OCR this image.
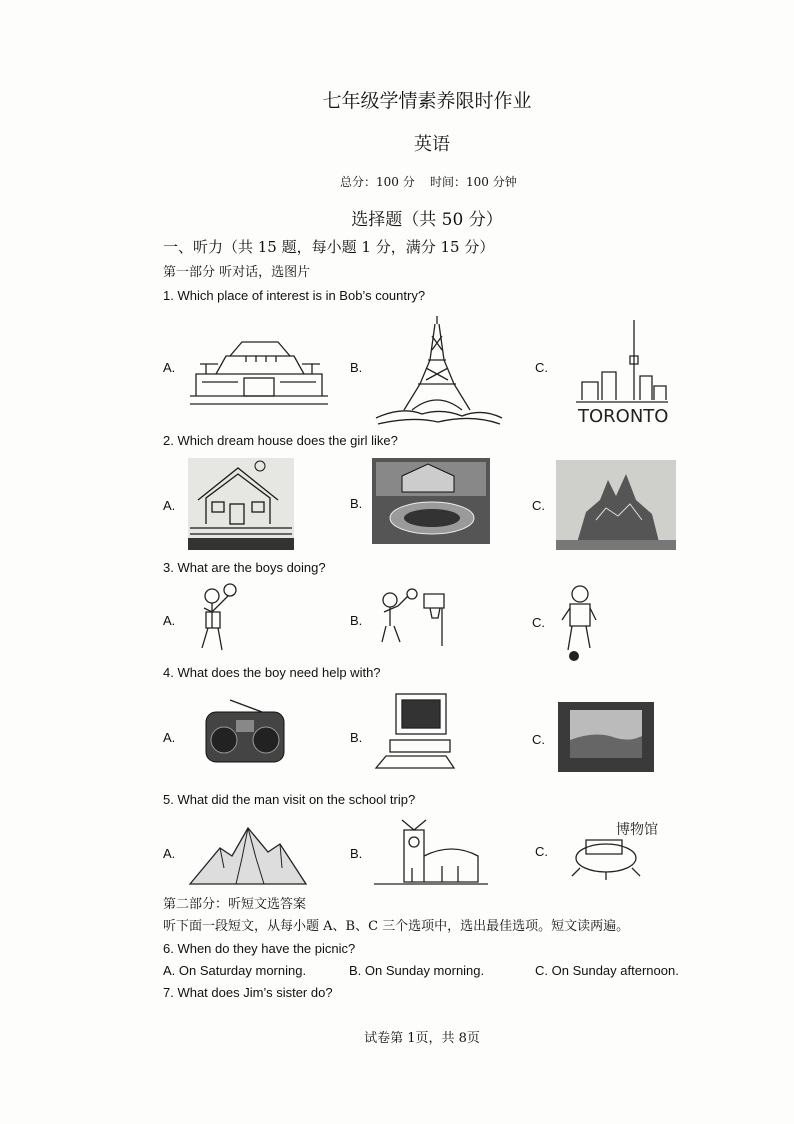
七年级学情素养限时作业
英语
总分：100 分    时间：100 分钟
选择题（共 50 分）
一、听力（共 15 题，每小题 1 分，满分 15 分）
第一部分 听对话，选图片
1. Which place of interest is in Bob’s country?
A.	B.	C.
TORONTO
2. Which dream house does the girl like?
A.	B.	C.
3. What are the boys doing?
A.	B.	C.
4. What does the boy need help with?
A.	B.	C.
5. What did the man visit on the school trip?
A.	B.	C.
博物馆
第二部分：听短文选答案
听下面一段短文，从每小题 A、B、C 三个选项中，选出最佳选项。短文读两遍。
6. When do they have the picnic?
A. On Saturday morning.	B. On Sunday morning.	C. On Sunday afternoon.
7. What does Jim’s sister do?
试卷第 1页，共 8页
